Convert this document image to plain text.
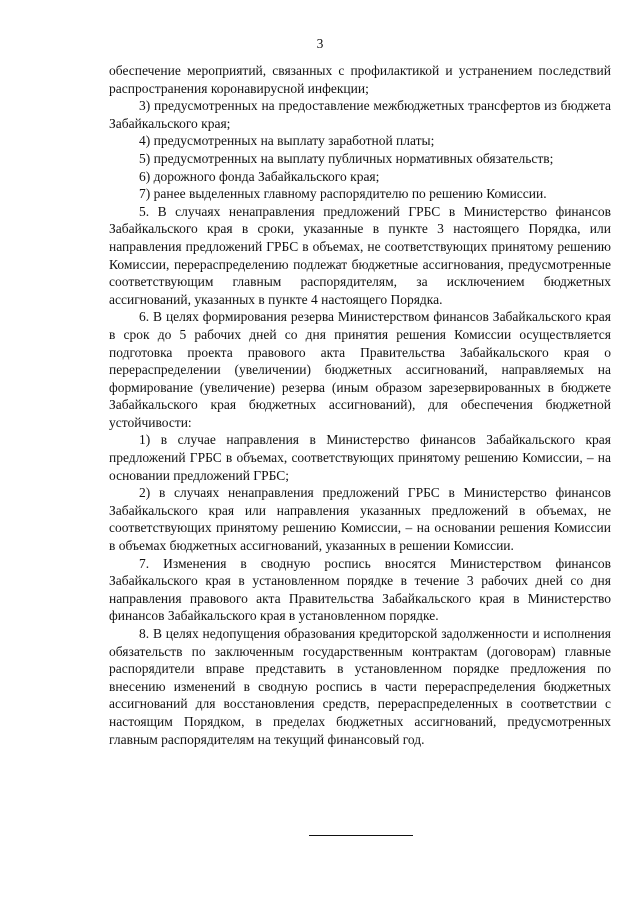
3

обеспечение мероприятий, связанных с профилактикой и устранением последствий распространения коронавирусной инфекции;

3) предусмотренных на предоставление межбюджетных трансфертов из бюджета Забайкальского края;

4) предусмотренных на выплату заработной платы;

5) предусмотренных на выплату публичных нормативных обязательств;

6) дорожного фонда Забайкальского края;

7) ранее выделенных главному распорядителю по решению Комиссии.

5. В случаях ненаправления предложений ГРБС в Министерство финансов Забайкальского края в сроки, указанные в пункте 3 настоящего Порядка, или направления предложений ГРБС в объемах, не соответствующих принятому решению Комиссии, перераспределению подлежат бюджетные ассигнования, предусмотренные соответствующим главным распорядителям, за исключением бюджетных ассигнований, указанных в пункте 4 настоящего Порядка.

6. В целях формирования резерва Министерством финансов Забайкальского края в срок до 5 рабочих дней со дня принятия решения Комиссии осуществляется подготовка проекта правового акта Правительства Забайкальского края о перераспределении (увеличении) бюджетных ассигнований, направляемых на формирование (увеличение) резерва (иным образом зарезервированных в бюджете Забайкальского края бюджетных ассигнований), для обеспечения бюджетной устойчивости:

1) в случае направления в Министерство финансов Забайкальского края предложений ГРБС в объемах, соответствующих принятому решению Комиссии, – на основании предложений ГРБС;

2) в случаях ненаправления предложений ГРБС в Министерство финансов Забайкальского края или направления указанных предложений в объемах, не соответствующих принятому решению Комиссии, – на основании решения Комиссии в объемах бюджетных ассигнований, указанных в решении Комиссии.

7. Изменения в сводную роспись вносятся Министерством финансов Забайкальского края в установленном порядке в течение 3 рабочих дней со дня направления правового акта Правительства Забайкальского края в Министерство финансов Забайкальского края в установленном порядке.

8. В целях недопущения образования кредиторской задолженности и исполнения обязательств по заключенным государственным контрактам (договорам) главные распорядители вправе представить в установленном порядке предложения по внесению изменений в сводную роспись в части перераспределения бюджетных ассигнований для восстановления средств, перераспределенных в соответствии с настоящим Порядком, в пределах бюджетных ассигнований, предусмотренных главным распорядителям на текущий финансовый год.
